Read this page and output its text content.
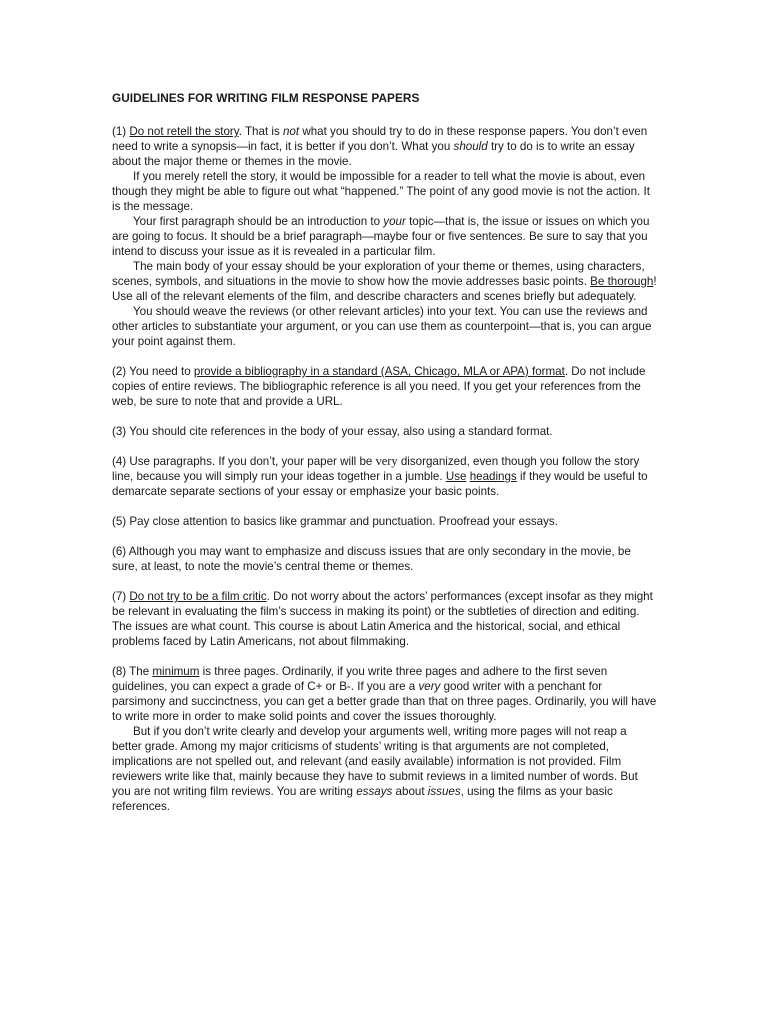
GUIDELINES FOR WRITING FILM RESPONSE PAPERS

(1) Do not retell the story. That is not what you should try to do in these response papers. You don’t even need to write a synopsis—in fact, it is better if you don’t. What you should try to do is to write an essay about the major theme or themes in the movie.

If you merely retell the story, it would be impossible for a reader to tell what the movie is about, even though they might be able to figure out what “happened.” The point of any good movie is not the action. It is the message.

Your first paragraph should be an introduction to your topic—that is, the issue or issues on which you are going to focus. It should be a brief paragraph—maybe four or five sentences. Be sure to say that you intend to discuss your issue as it is revealed in a particular film.

The main body of your essay should be your exploration of your theme or themes, using characters, scenes, symbols, and situations in the movie to show how the movie addresses basic points. Be thorough! Use all of the relevant elements of the film, and describe characters and scenes briefly but adequately.

You should weave the reviews (or other relevant articles) into your text. You can use the reviews and other articles to substantiate your argument, or you can use them as counterpoint—that is, you can argue your point against them.

(2) You need to provide a bibliography in a standard (ASA, Chicago, MLA or APA) format. Do not include copies of entire reviews. The bibliographic reference is all you need. If you get your references from the web, be sure to note that and provide a URL.

(3) You should cite references in the body of your essay, also using a standard format.

(4) Use paragraphs. If you don’t, your paper will be very disorganized, even though you follow the story line, because you will simply run your ideas together in a jumble. Use headings if they would be useful to demarcate separate sections of your essay or emphasize your basic points.

(5) Pay close attention to basics like grammar and punctuation. Proofread your essays.

(6) Although you may want to emphasize and discuss issues that are only secondary in the movie, be sure, at least, to note the movie’s central theme or themes.

(7) Do not try to be a film critic. Do not worry about the actors’ performances (except insofar as they might be relevant in evaluating the film’s success in making its point) or the subtleties of direction and editing. The issues are what count. This course is about Latin America and the historical, social, and ethical problems faced by Latin Americans, not about filmmaking.

(8) The minimum is three pages. Ordinarily, if you write three pages and adhere to the first seven guidelines, you can expect a grade of C+ or B-. If you are a very good writer with a penchant for parsimony and succinctness, you can get a better grade than that on three pages. Ordinarily, you will have to write more in order to make solid points and cover the issues thoroughly.

But if you don’t write clearly and develop your arguments well, writing more pages will not reap a better grade. Among my major criticisms of students’ writing is that arguments are not completed, implications are not spelled out, and relevant (and easily available) information is not provided. Film reviewers write like that, mainly because they have to submit reviews in a limited number of words. But you are not writing film reviews. You are writing essays about issues, using the films as your basic references.
